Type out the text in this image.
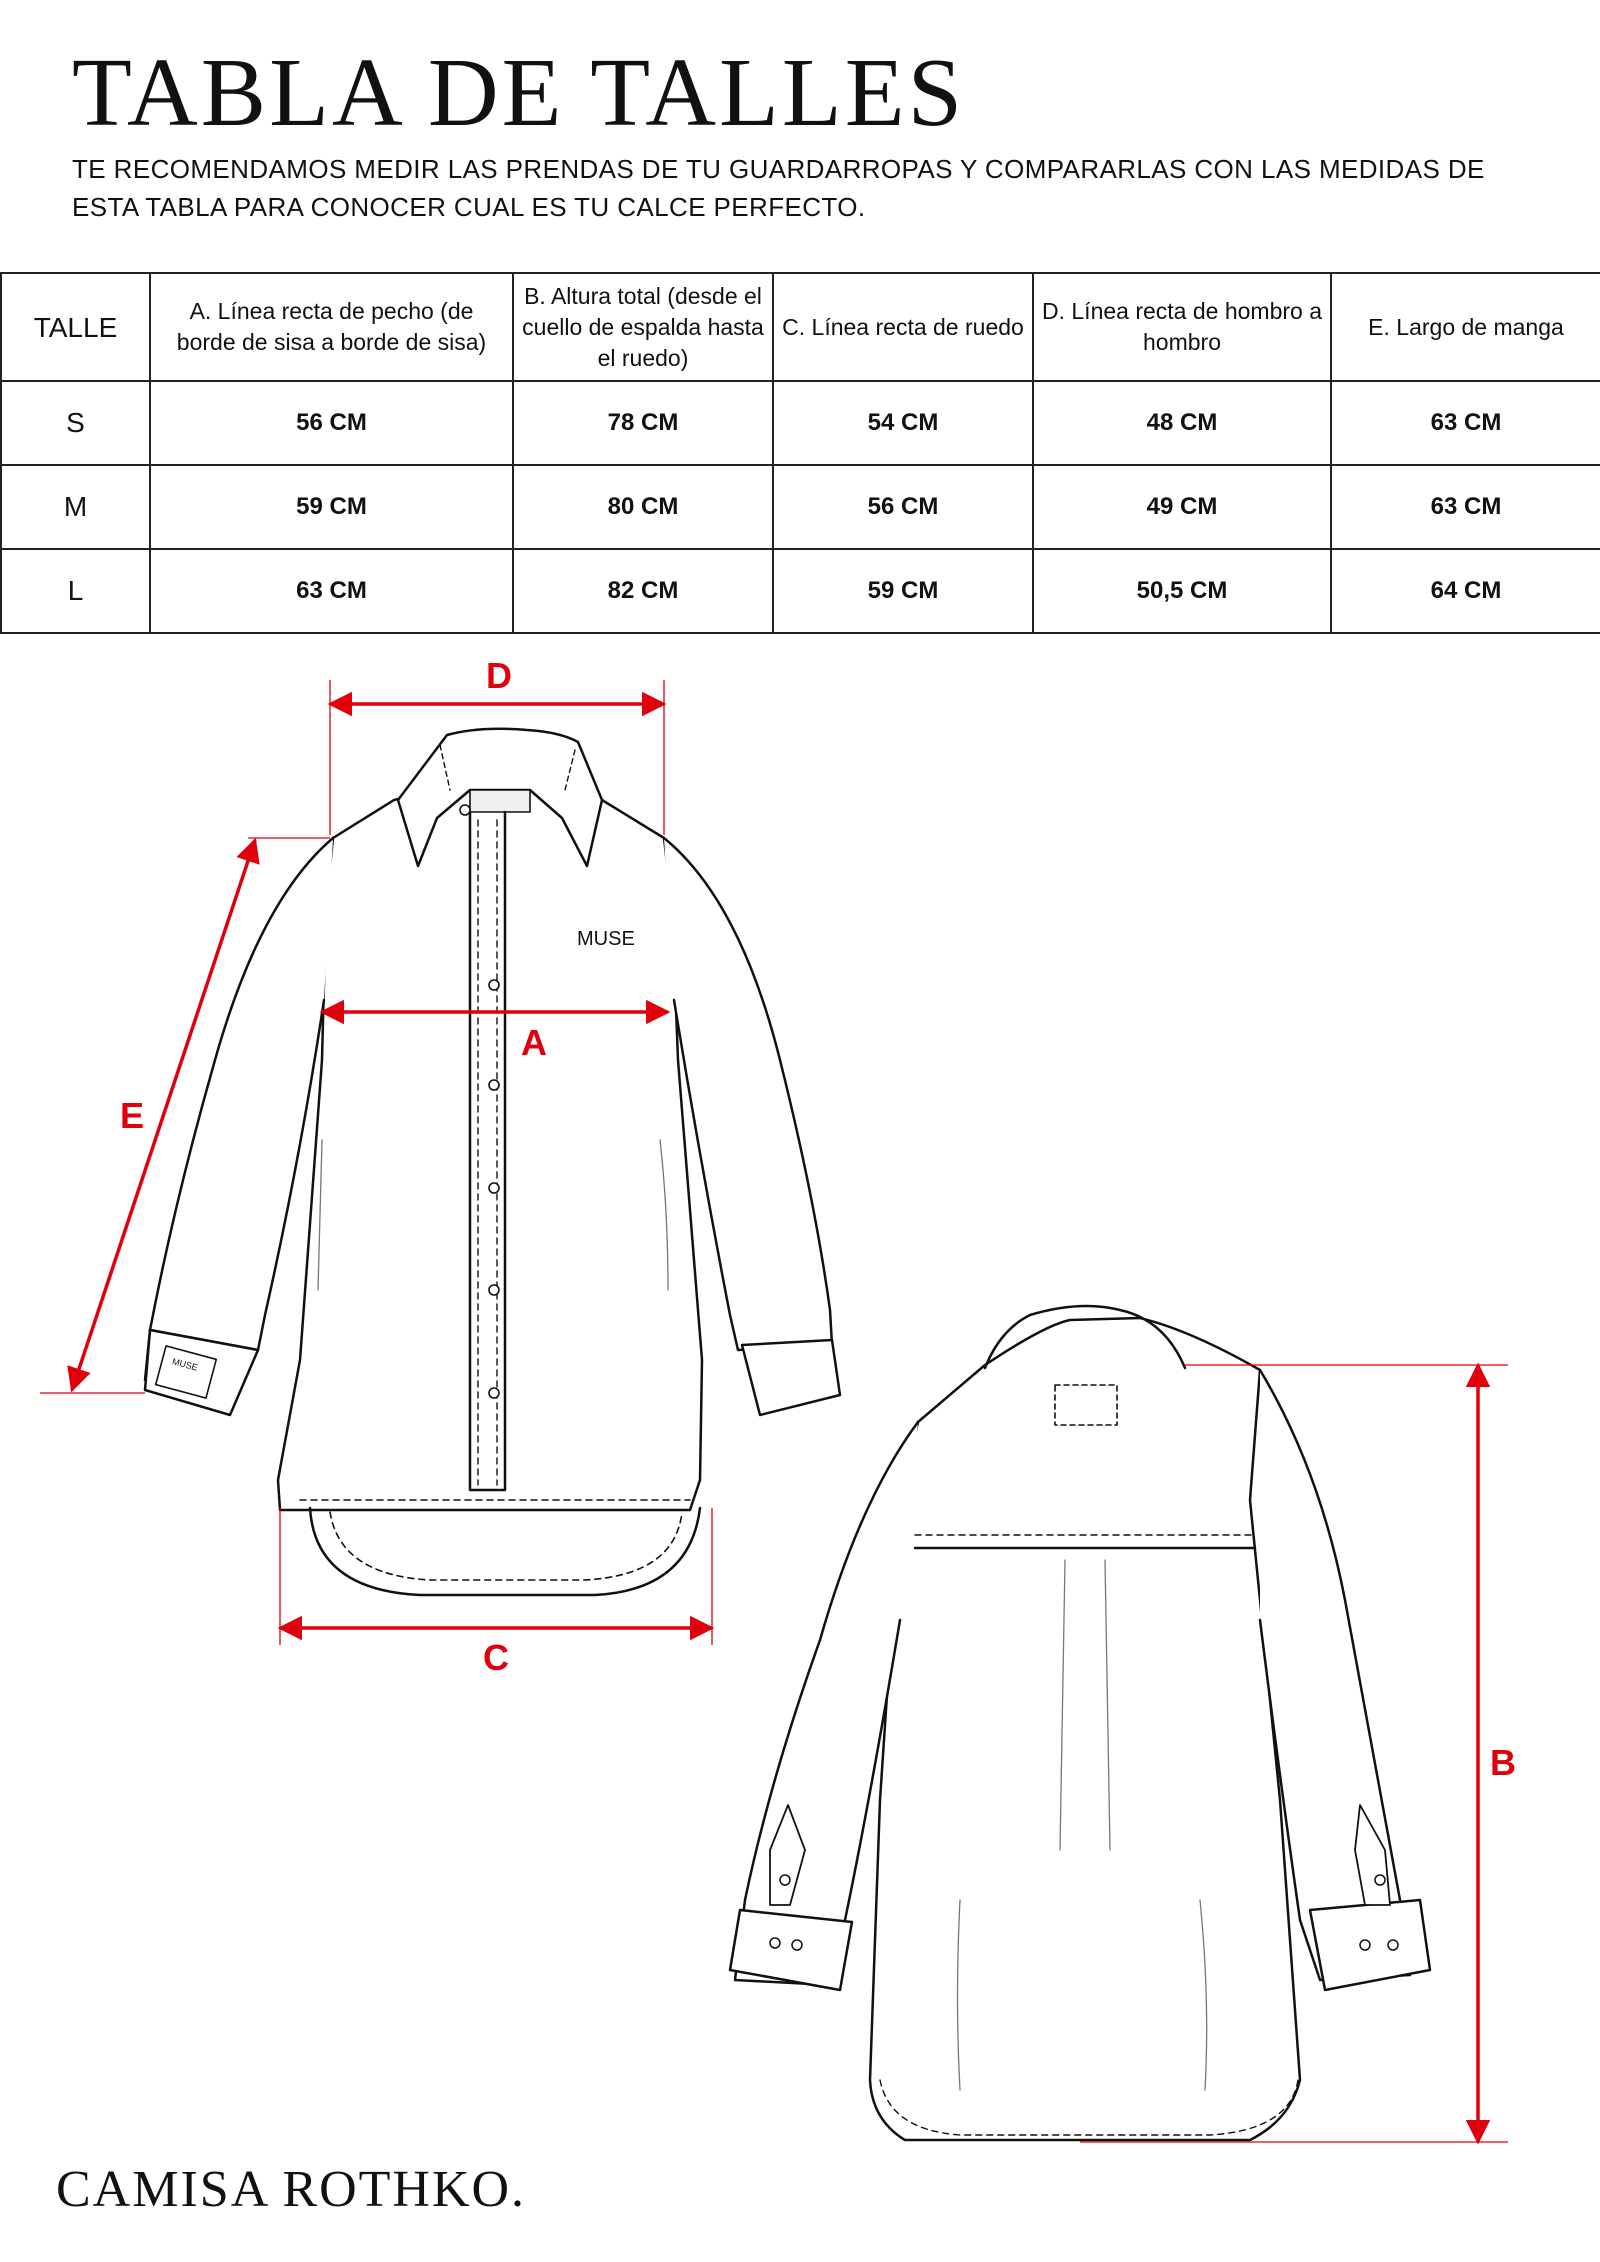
TABLA DE TALLES
TE RECOMENDAMOS MEDIR LAS PRENDAS DE TU GUARDARROPAS Y COMPARARLAS CON LAS MEDIDAS DE ESTA TABLA PARA CONOCER CUAL ES TU CALCE PERFECTO.
TALLE	A. Línea recta de pecho (de borde de sisa a borde de sisa)	B. Altura total (desde el cuello de espalda hasta el ruedo)	C. Línea recta de ruedo	D. Línea recta de hombro a hombro	E. Largo de manga
S	56 CM	78 CM	54 CM	48 CM	63 CM
M	59 CM	80 CM	56 CM	49 CM	63 CM
L	63 CM	82 CM	59 CM	50,5 CM	64 CM
MUSE
MUSE
D
A
C
E
B
CAMISA ROTHKO.
